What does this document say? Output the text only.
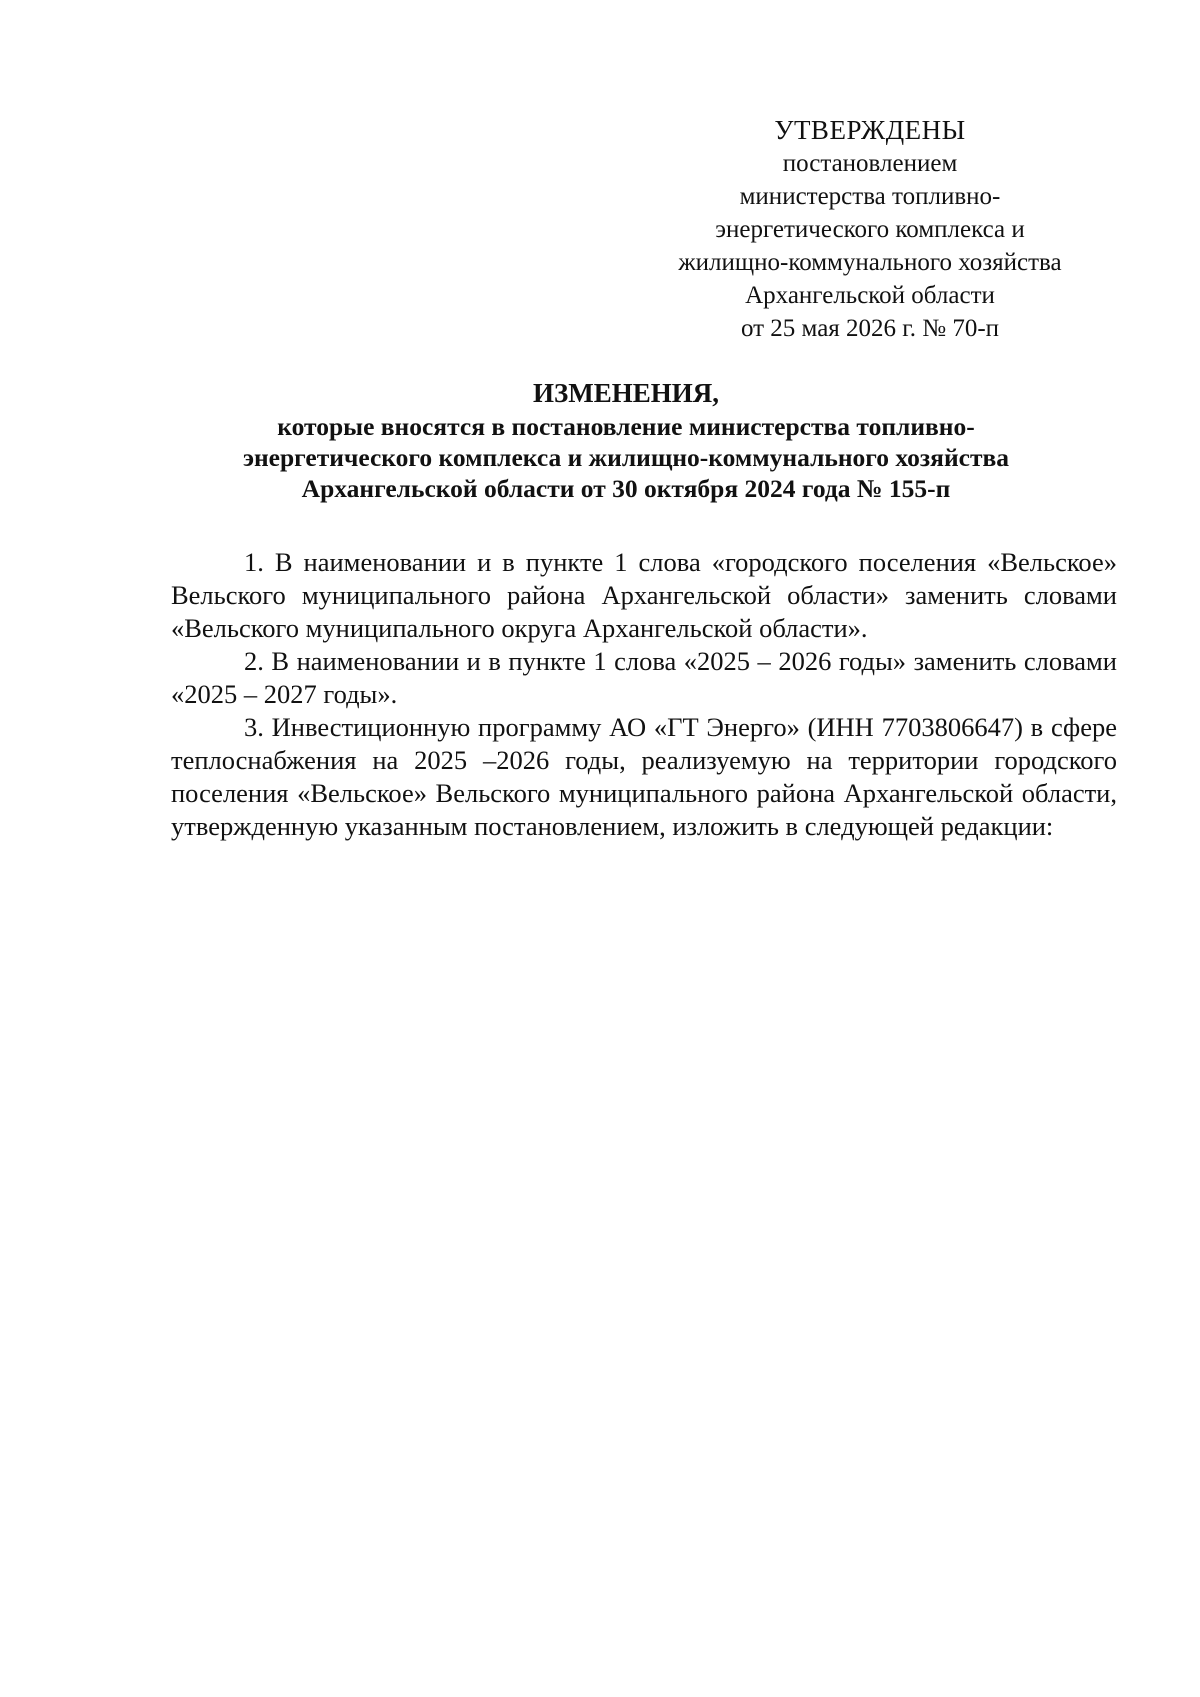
УТВЕРЖДЕНЫ
постановлением
министерства топливно-
энергетического комплекса и
жилищно-коммунального хозяйства
Архангельской области
от 25 мая 2026 г. № 70-п
ИЗМЕНЕНИЯ,
которые вносятся в постановление министерства топливно-
энергетического комплекса и жилищно-коммунального хозяйства
Архангельской области от 30 октября 2024 года № 155-п

1. В наименовании и в пункте 1 слова «городского поселения «Вельское» Вельского муниципального района Архангельской области» заменить словами «Вельского муниципального округа Архангельской области».

2. В наименовании и в пункте 1 слова «2025 – 2026 годы» заменить словами «2025 – 2027 годы».

3. Инвестиционную программу АО «ГТ Энерго» (ИНН 7703806647) в сфере теплоснабжения на 2025 –2026 годы, реализуемую на территории городского поселения «Вельское» Вельского муниципального района Архангельской области, утвержденную указанным постановлением, изложить в следующей редакции:
